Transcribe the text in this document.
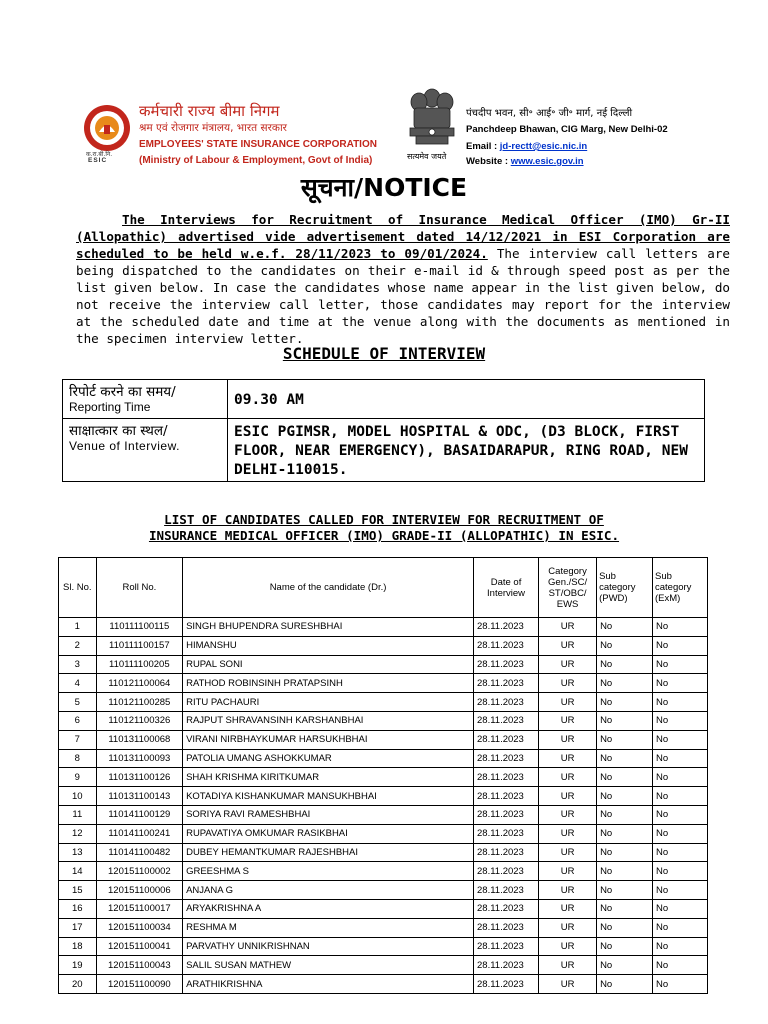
कर्मचारी राज्य बीमा निगम
श्रम एवं रोजगार मंत्रालय, भारत सरकार
EMPLOYEES' STATE INSURANCE CORPORATION
(Ministry of Labour & Employment, Govt of India)
क.रा.बी.नि.
ESIC	सत्यमेव जयते
पंचदीप भवन, सी॰ आई॰ जी॰ मार्ग, नई दिल्ली
Panchdeep Bhawan, CIG Marg, New Delhi-02
Email : jd-rectt@esic.nic.in
Website : www.esic.gov.in
सूचना/NOTICE
The Interviews for Recruitment of Insurance Medical Officer (IMO) Gr-II (Allopathic) advertised vide advertisement dated 14/12/2021 in ESI Corporation are scheduled to be held w.e.f. 28/11/2023 to 09/01/2024. The interview call letters are being dispatched to the candidates on their e-mail id & through speed post as per the list given below. In case the candidates whose name appear in the list given below, do not receive the interview call letter, those candidates may report for the interview at the scheduled date and time at the venue along with the documents as mentioned in the specimen interview letter.
SCHEDULE OF INTERVIEW
रिपोर्ट करने का समय/
Reporting Time	09.30 AM

साक्षात्कार का स्थल/
Venue of Interview.	ESIC PGIMSR, MODEL HOSPITAL & ODC, (D3 BLOCK, FIRST FLOOR, NEAR EMERGENCY), BASAIDARAPUR, RING ROAD, NEW DELHI-110015.
LIST OF CANDIDATES CALLED FOR INTERVIEW FOR RECRUITMENT OF
INSURANCE MEDICAL OFFICER (IMO) GRADE-II (ALLOPATHIC) IN ESIC.
Sl. No.	Roll No.	Name of the candidate (Dr.)	Date of Interview	Category Gen./SC/ ST/OBC/ EWS	Sub category (PWD)	Sub category (ExM)
1	110111100115	SINGH BHUPENDRA SURESHBHAI	28.11.2023	UR	No	No
2	110111100157	HIMANSHU	28.11.2023	UR	No	No
3	110111100205	RUPAL SONI	28.11.2023	UR	No	No
4	110121100064	RATHOD ROBINSINH PRATAPSINH	28.11.2023	UR	No	No
5	110121100285	RITU PACHAURI	28.11.2023	UR	No	No
6	110121100326	RAJPUT SHRAVANSINH KARSHANBHAI	28.11.2023	UR	No	No
7	110131100068	VIRANI NIRBHAYKUMAR HARSUKHBHAI	28.11.2023	UR	No	No
8	110131100093	PATOLIA UMANG ASHOKKUMAR	28.11.2023	UR	No	No
9	110131100126	SHAH KRISHMA KIRITKUMAR	28.11.2023	UR	No	No
10	110131100143	KOTADIYA KISHANKUMAR MANSUKHBHAI	28.11.2023	UR	No	No
11	110141100129	SORIYA RAVI RAMESHBHAI	28.11.2023	UR	No	No
12	110141100241	RUPAVATIYA OMKUMAR RASIKBHAI	28.11.2023	UR	No	No
13	110141100482	DUBEY HEMANTKUMAR RAJESHBHAI	28.11.2023	UR	No	No
14	120151100002	GREESHMA S	28.11.2023	UR	No	No
15	120151100006	ANJANA G	28.11.2023	UR	No	No
16	120151100017	ARYAKRISHNA A	28.11.2023	UR	No	No
17	120151100034	RESHMA M	28.11.2023	UR	No	No
18	120151100041	PARVATHY UNNIKRISHNAN	28.11.2023	UR	No	No
19	120151100043	SALIL SUSAN MATHEW	28.11.2023	UR	No	No
20	120151100090	ARATHIKRISHNA	28.11.2023	UR	No	No
